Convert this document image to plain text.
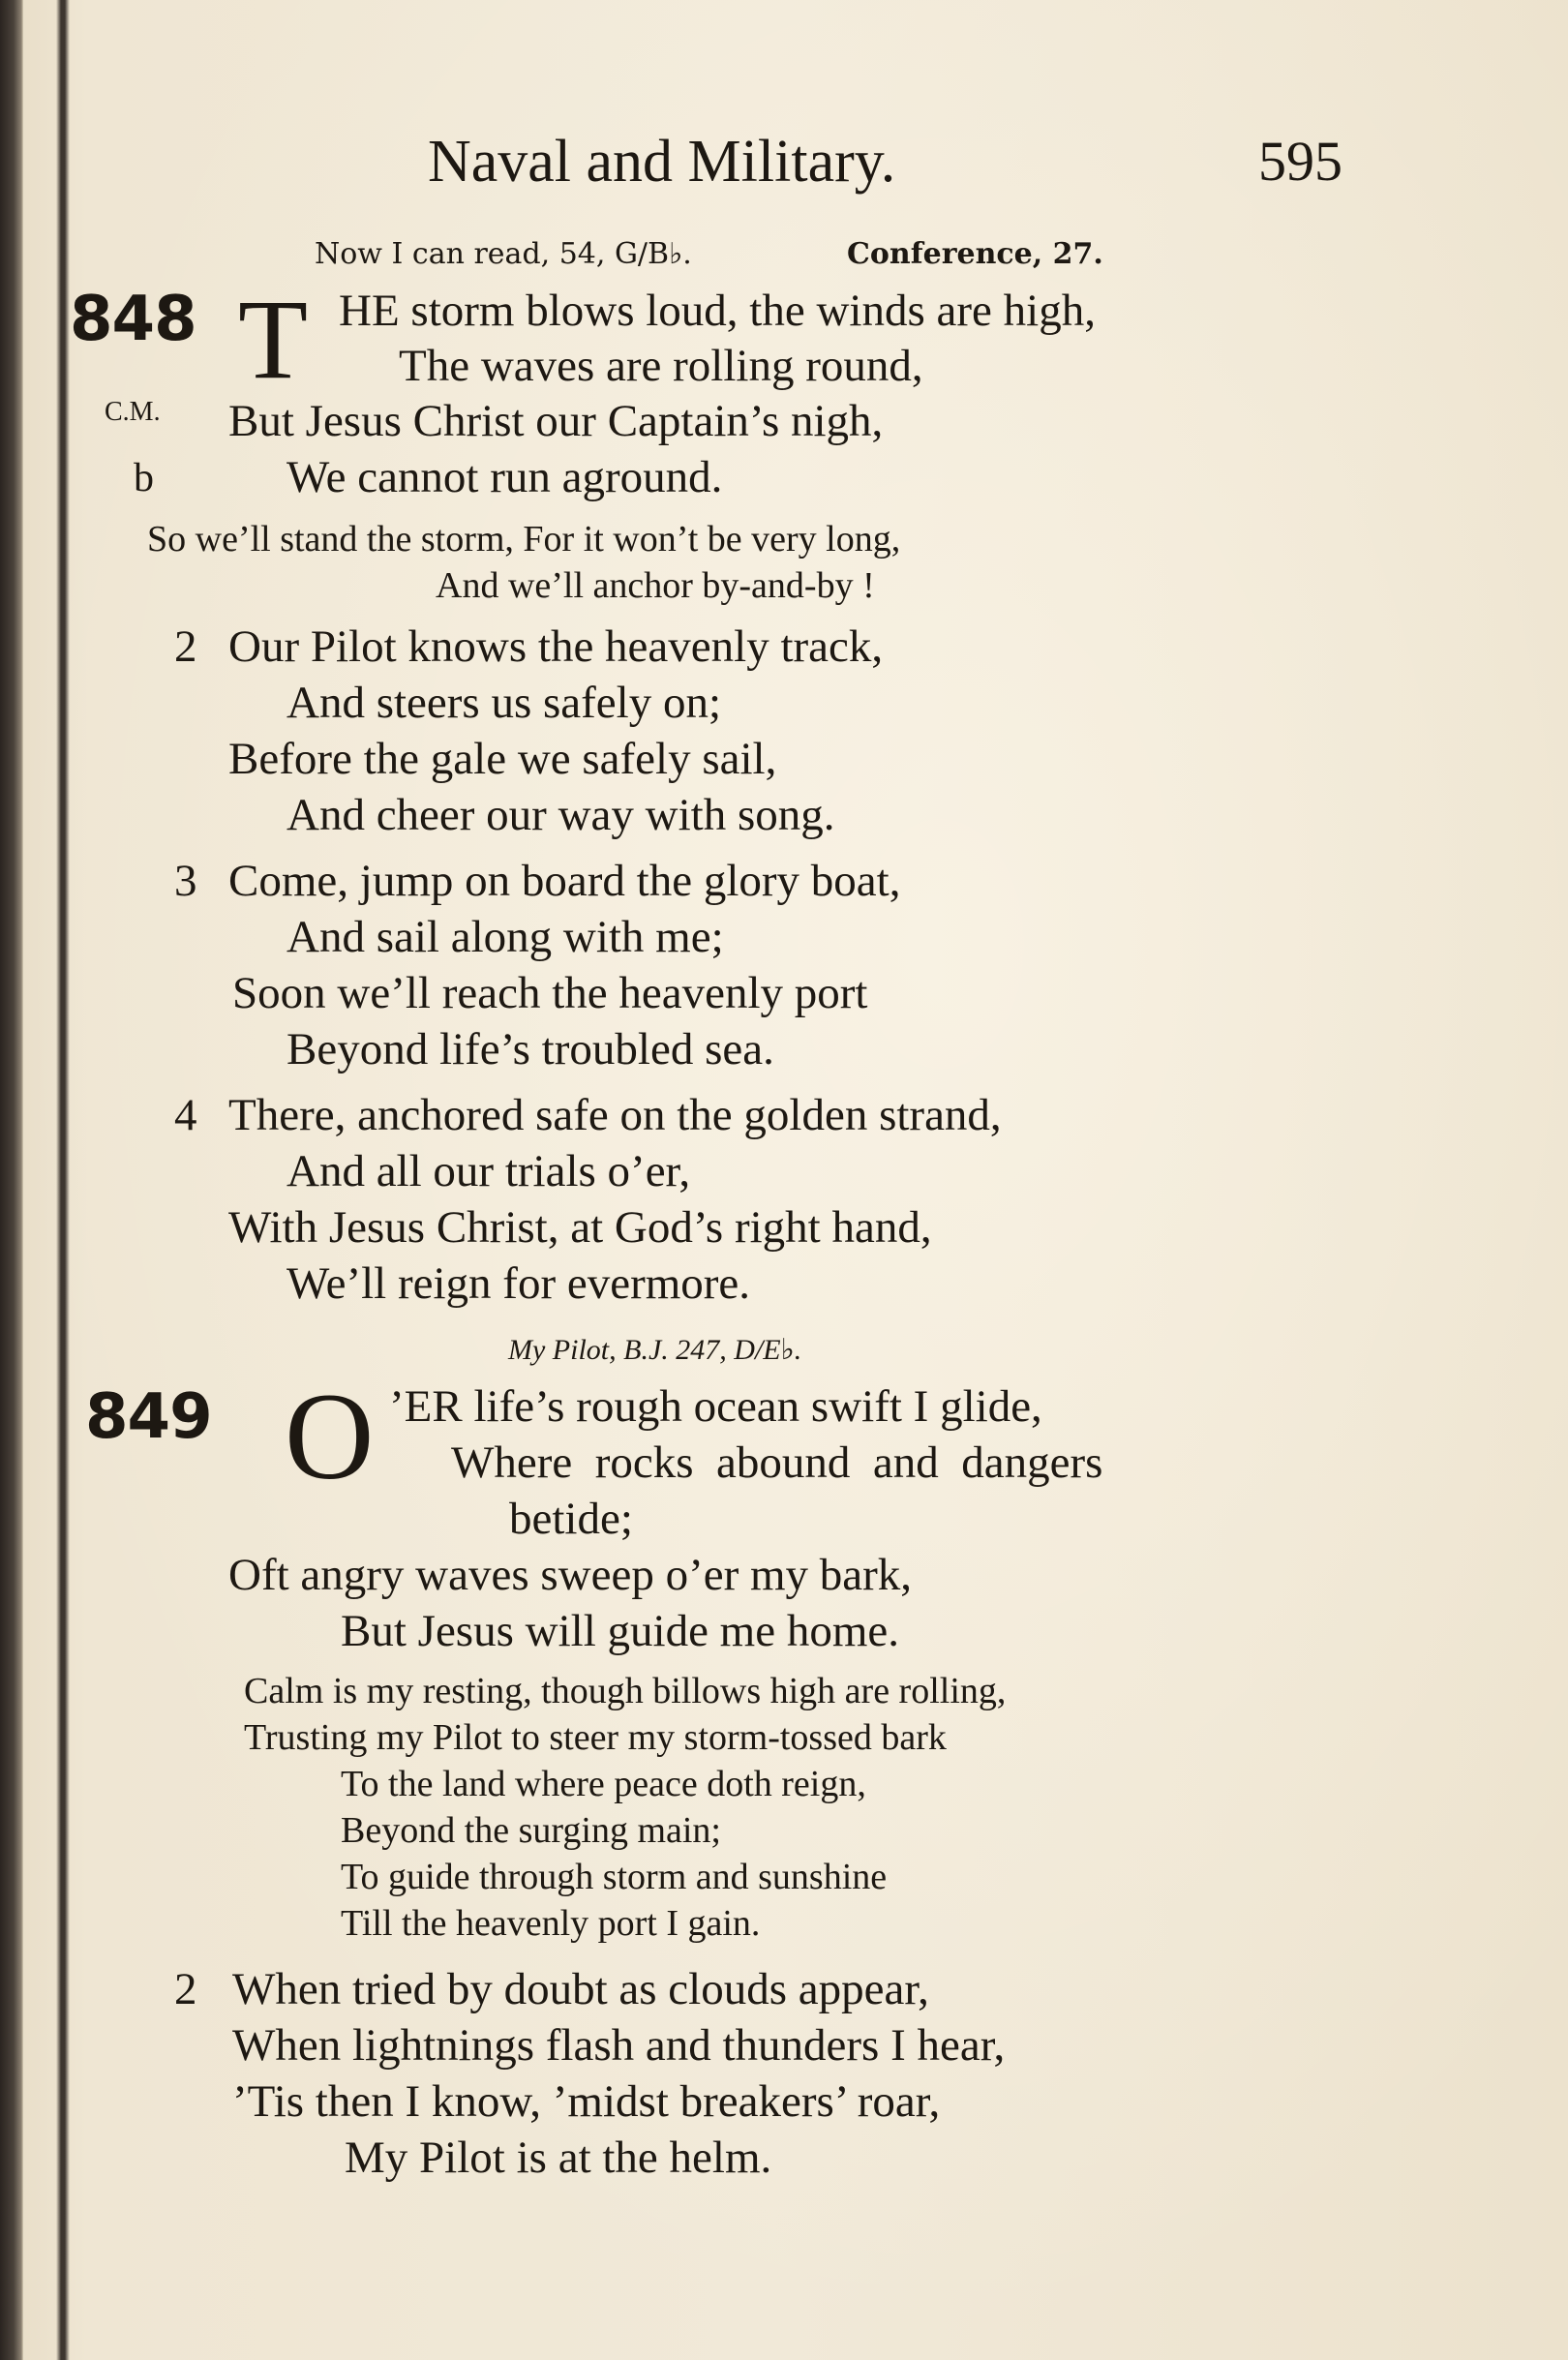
Naval and Military.	595
Now I can read, 54, G/B♭.	Conference, 27.
848 T HE storm blows loud, the winds are high,
The waves are rolling round,
C.M. But Jesus Christ our Captain’s nigh,
b	We cannot run aground.
So we’ll stand the storm, For it won’t be very long,
And we’ll anchor by-and-by !
2 Our Pilot knows the heavenly track,
And steers us safely on;
Before the gale we safely sail,
And cheer our way with song.
3 Come, jump on board the glory boat,
And sail along with me;
Soon we’ll reach the heavenly port
Beyond life’s troubled sea.
4 There, anchored safe on the golden strand,
And all our trials o’er,
With Jesus Christ, at God’s right hand,
We’ll reign for evermore.
My Pilot, B.J. 247, D/E♭.
849 O ’ER life’s rough ocean swift I glide,
Where  rocks  abound  and  dangers
betide;
Oft angry waves sweep o’er my bark,
But Jesus will guide me home.
Calm is my resting, though billows high are rolling,
Trusting my Pilot to steer my storm-tossed bark
To the land where peace doth reign,
Beyond the surging main;
To guide through storm and sunshine
Till the heavenly port I gain.
2 When tried by doubt as clouds appear,
When lightnings flash and thunders I hear,
’Tis then I know, ’midst breakers’ roar,
My Pilot is at the helm.
